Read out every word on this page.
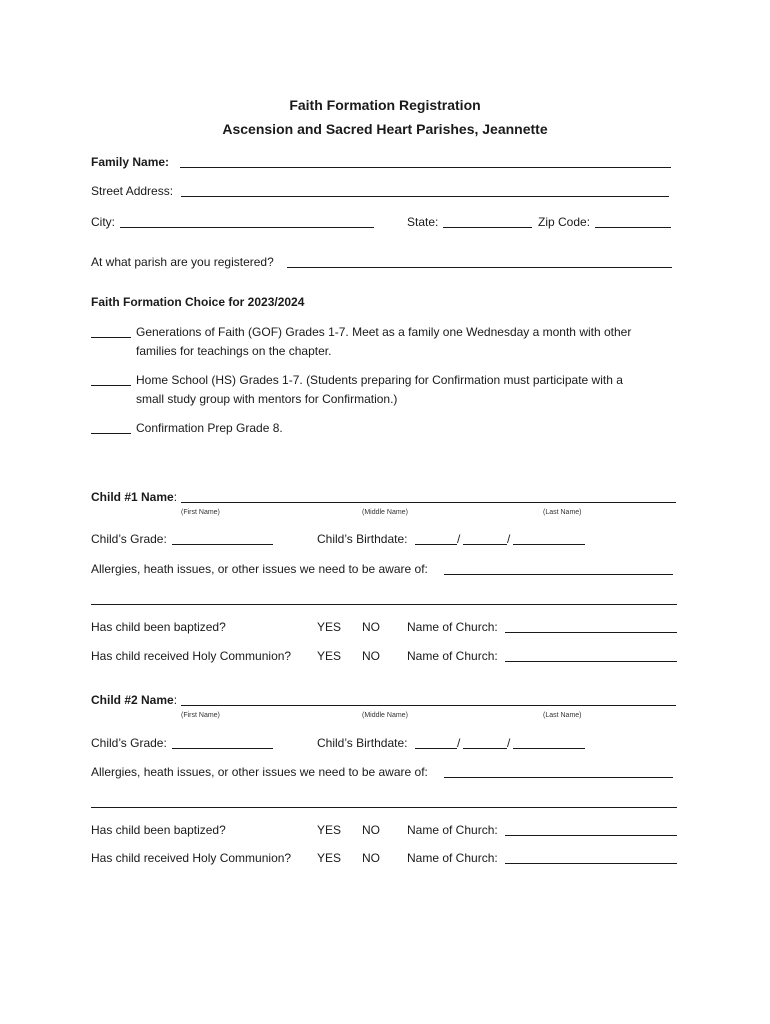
Faith Formation Registration
Ascension and Sacred Heart Parishes, Jeannette
Family Name:
Street Address:
City:	State:	Zip Code:
At what parish are you registered?
Faith Formation Choice for 2023/2024
Generations of Faith (GOF) Grades 1-7. Meet as a family one Wednesday a month with other
families for teachings on the chapter.
Home School (HS) Grades 1-7. (Students preparing for Confirmation must participate with a
small study group with mentors for Confirmation.)
Confirmation Prep Grade 8.
Child #1 Name:
(First Name)	(Middle Name)	(Last Name)
Child’s Grade:	Child’s Birthdate:	/	/
Allergies, heath issues, or other issues we need to be aware of:
Has child been baptized?	YES NO Name of Church:
Has child received Holy Communion? YES NO Name of Church:
Child #2 Name:
(First Name)	(Middle Name)	(Last Name)
Child’s Grade:	Child’s Birthdate:	/	/
Allergies, heath issues, or other issues we need to be aware of:
Has child been baptized?	YES NO Name of Church:
Has child received Holy Communion? YES NO Name of Church:
